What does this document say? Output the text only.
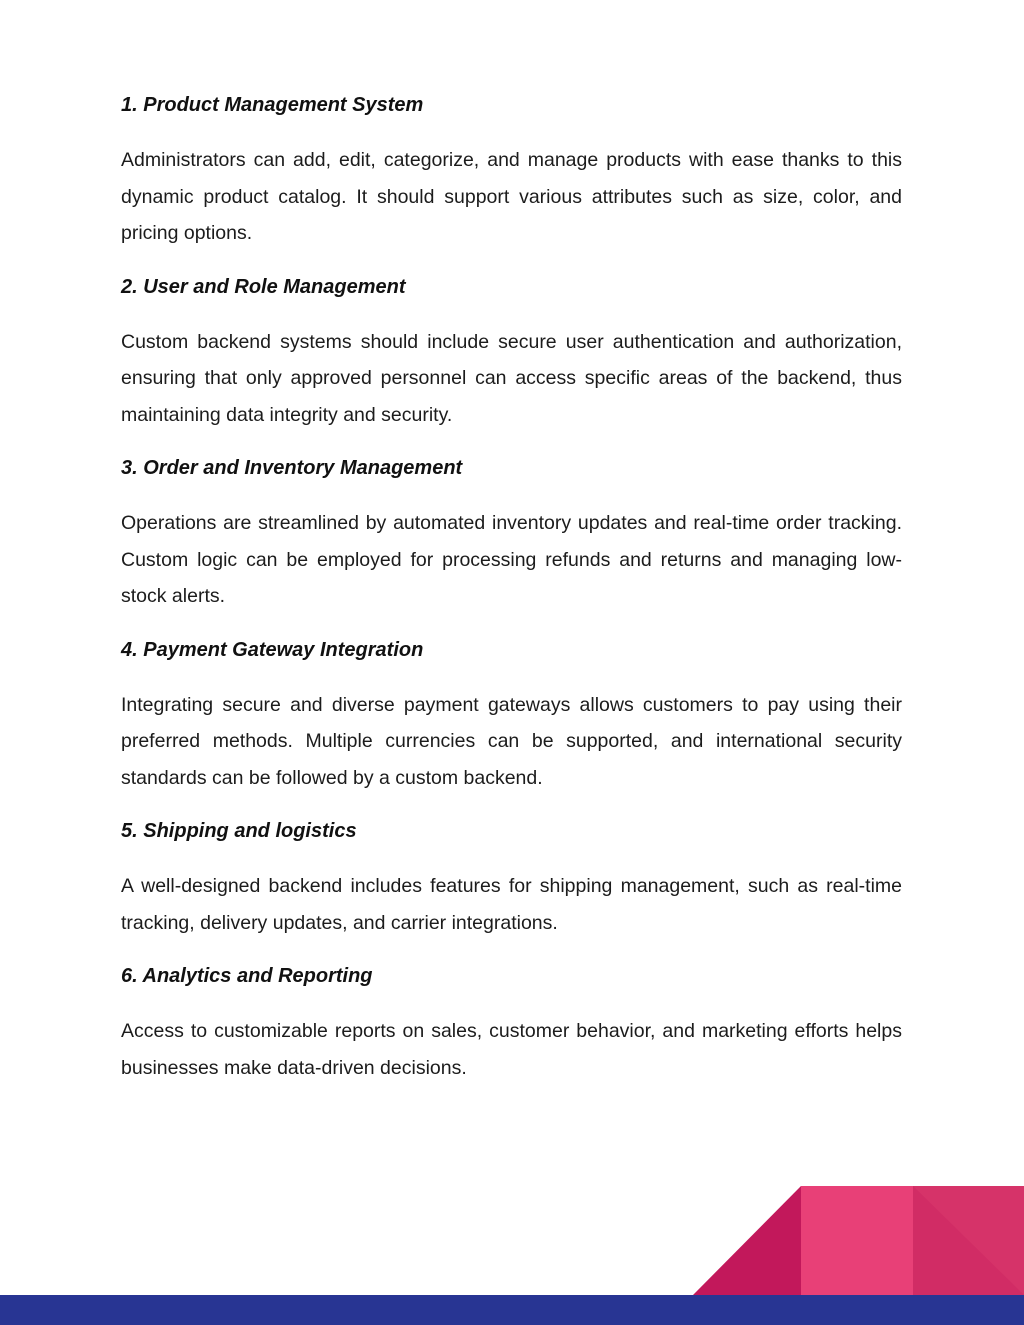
1. Product Management System

Administrators can add, edit, categorize, and manage products with ease thanks to this dynamic product catalog. It should support various attributes such as size, color, and pricing options.

2. User and Role Management

Custom backend systems should include secure user authentication and authorization, ensuring that only approved personnel can access specific areas of the backend, thus maintaining data integrity and security.

3. Order and Inventory Management

Operations are streamlined by automated inventory updates and real-time order tracking. Custom logic can be employed for processing refunds and returns and managing low-stock alerts.

4. Payment Gateway Integration

Integrating secure and diverse payment gateways allows customers to pay using their preferred methods. Multiple currencies can be supported, and international security standards can be followed by a custom backend.

5. Shipping and logistics

A well-designed backend includes features for shipping management, such as real-time tracking, delivery updates, and carrier integrations.

6. Analytics and Reporting

Access to customizable reports on sales, customer behavior, and marketing efforts helps businesses make data-driven decisions.
